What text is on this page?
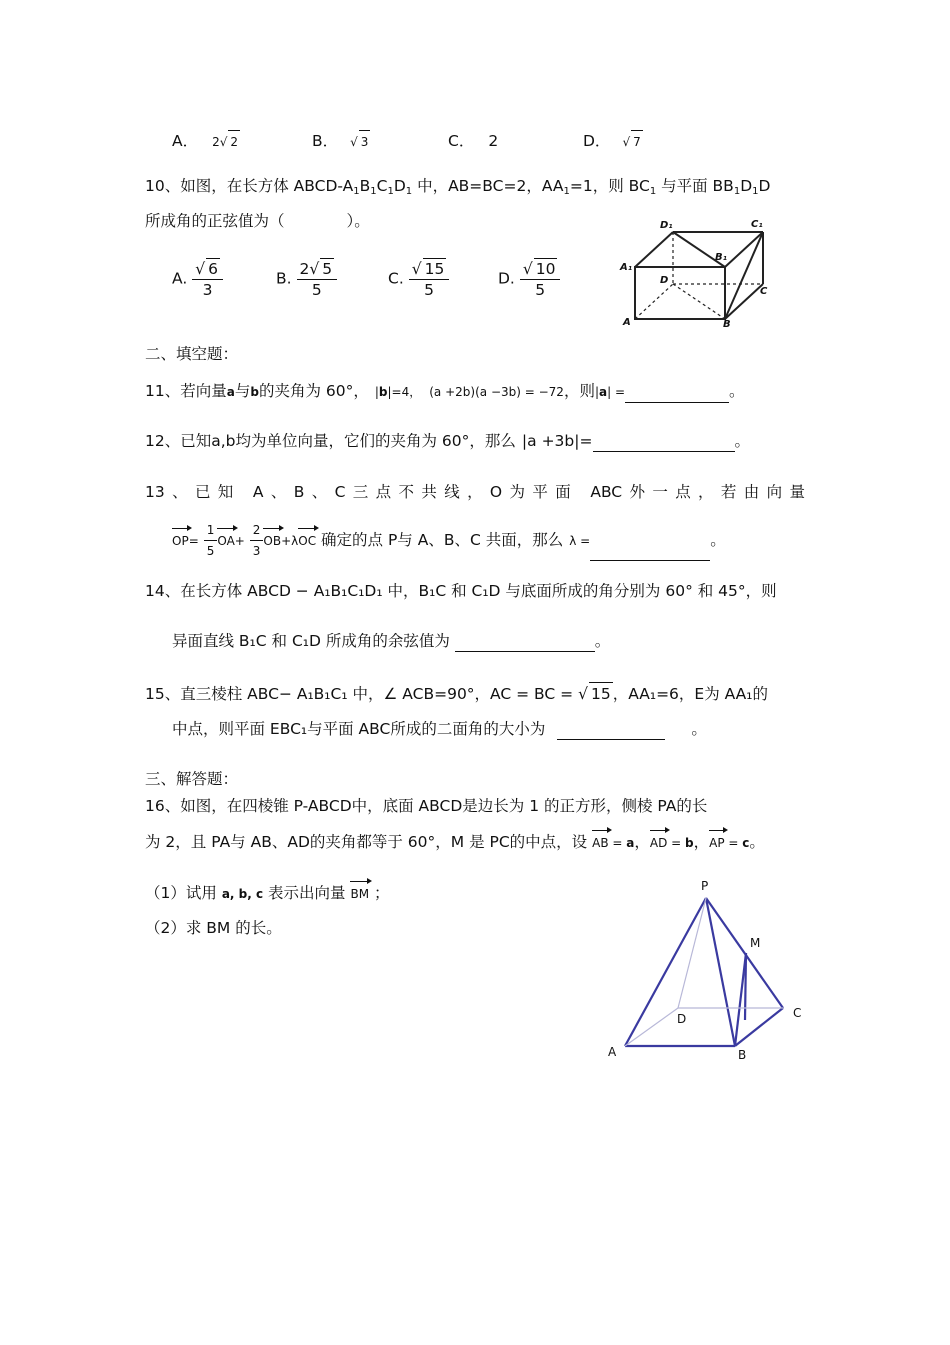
A． 2√ 2	B． √ 3	C． 2	D． √ 7
10、如图，在长方体 ABCD-$A_1B_1C_1D_1$ 中，AB=BC=2，$AA_1=1$，则 $BC_1$ 与平面 $BB_1D_1D$
所成角的正弦值为（　　　　）。
A. $\frac{√ 6}{3}$	B. $\frac{2√ 5}{5}$	C. $\frac{√ 15}{5}$	D. $\frac{√ 10}{5}$
D₁	C₁
A₁
B₁
D
C
A	B
二、填空题：
11、若向量a与b的夹角为 60°， |b|=4， (a +2b)(a −3b) = −72，则|a| =	。
12、已知a,b均为单位向量，它们的夹角为 60°，那么 |a +3b|=	。
13、已知 A、B、C三点不共线，O为平面 ABC外一点，若由向量
$OP= \frac{1}{5} OA+ \frac{2}{3} OB+\lambda OC$ 确定的点 P与 A、B、C 共面，那么 λ =	。
14、在长方体 ABCD − A₁B₁C₁D₁ 中，B₁C 和 C₁D 与底面所成的角分别为 60° 和 45°，则
异面直线 B₁C 和 C₁D 所成角的余弦值为	。
15、直三棱柱 ABC− A₁B₁C₁ 中，∠ ACB=90°，AC = BC = √ 15 ，AA₁=6，E为 AA₁的
中点，则平面 EBC₁与平面 ABC所成的二面角的大小为	。
三、解答题：
16、如图，在四棱锥 P-ABCD中，底面 ABCD是边长为 1 的正方形，侧棱 PA的长
为 2，且 PA与 AB、AD的夹角都等于 60°，M 是 PC的中点，设 AB = a，AD = b，AP = c。
（1）试用 a, b, c 表示出向量 BM ；
（2）求 BM 的长。
P
M
D	C
A	B
